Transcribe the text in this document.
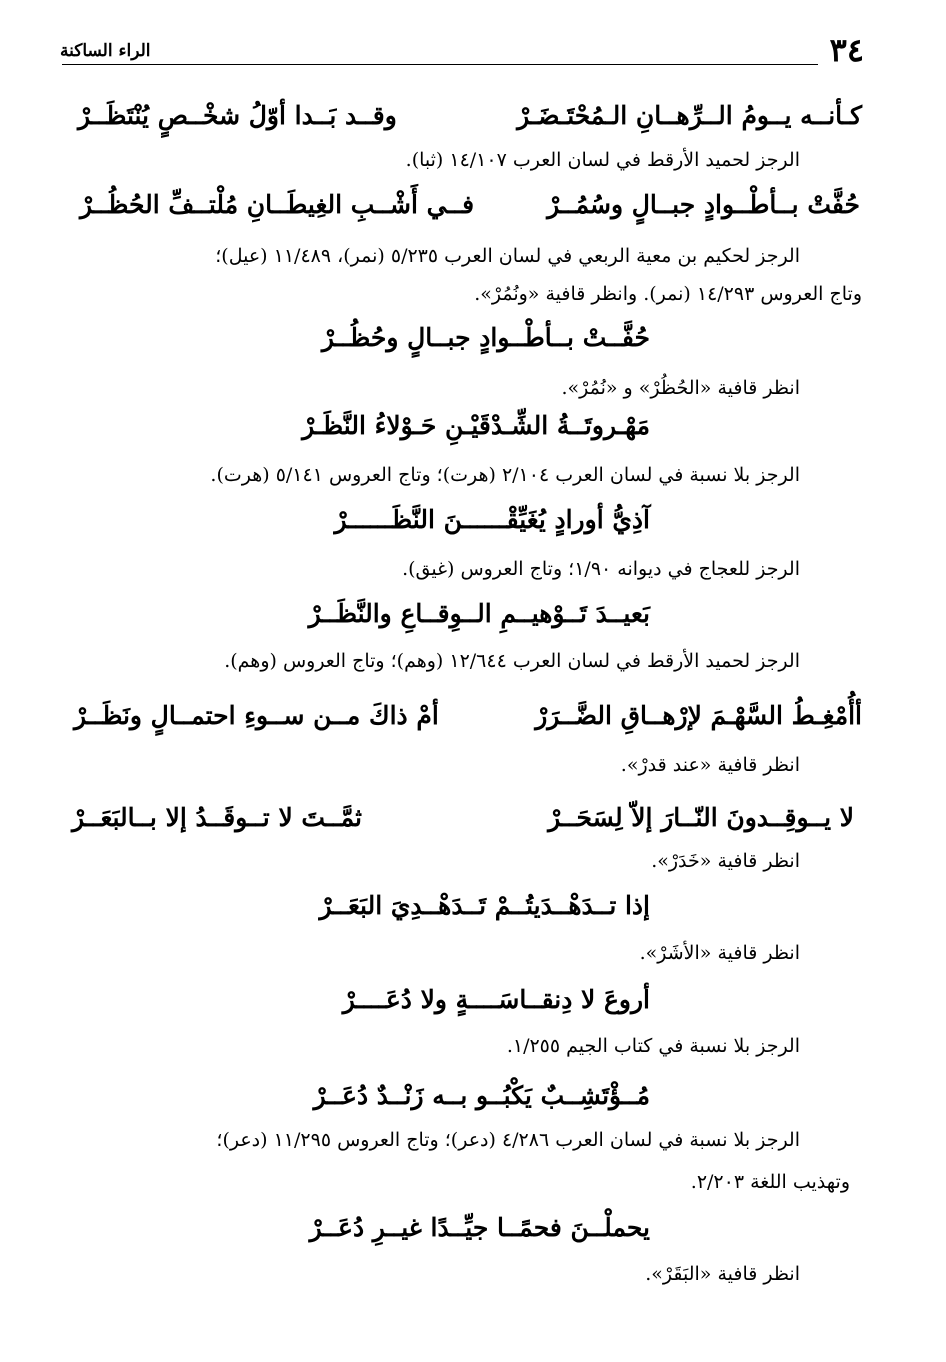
٣٤
الراء الساكنة
كـأنــه يــومُ الــرِّهــانِ الـمُحْتَـضَـرْ
وقــد بَــدا أوّلُ شخْــصٍ يُنْتَظَــرْ
الرجز لحميد الأرقط في لسان العرب ١٤/١٠٧ (ثبا).
حُفَّتْ بــأطْــوادٍ جبــالٍ وسُمُــرْ
فــي أَشْــبِ الغِيطَــانِ مُلْتــفِّ الحُظُــرْ
الرجز لحكيم بن معية الربعي في لسان العرب ٥/٢٣٥ (نمر)، ١١/٤٨٩ (عيل)؛
وتاج العروس ١٤/٢٩٣ (نمر). وانظر قافية «ونُمُرْ».
حُفَّــتْ بــأطْــوادٍ جبــالٍ وحُظُــرْ
انظر قافية «الحُظُرْ» و «نُمُرْ».
مَهْـروتَــةُ الشِّـدْقَيْـنِ حَـوْلاءُ النَّظَـرْ
الرجز بلا نسبة في لسان العرب ٢/١٠٤ (هرت)؛ وتاج العروس ٥/١٤١ (هرت).
آذِيُّ أورادٍ يُغَيِّقْــــــنَ النَّظَــــــرْ
الرجز للعجاج في ديوانه ١/٩٠؛ وتاج العروس (غيق).
بَعيــدَ تَــوْهيــمِ الــوِقــاعِ والنَّظَــرْ
الرجز لحميد الأرقط في لسان العرب ١٢/٦٤٤ (وهم)؛ وتاج العروس (وهم).
أأُمْغِـطُ السَّهْـمَ لإرْهــاقِ الضَّــرَرْ
أمْ ذاكَ مــن ســوءِ احتمــالٍ ونَظَــرْ
انظر قافية «عند قدرْ».
لا يــوقِــدونَ النّــارَ إلاّ لِسَحَــرْ
ثمَّــتَ لا تــوقَــدُ إلا بــالبَعَــرْ
انظر قافية «خَدَرْ».
إذا تــدَهْــدَيتُــمْ تَــدَهْــدِيَ البَعَــرْ
انظر قافية «الأشَرْ».
أروعَ لا دِنقــاسَــــةٍ ولا دُعَــــرْ
الرجز بلا نسبة في كتاب الجيم ١/٢٥٥.
مُــؤْتَشِــبٌ يَكْبُــو بــه زَنْــدٌ دُعَــرْ
الرجز بلا نسبة في لسان العرب ٤/٢٨٦ (دعر)؛ وتاج العروس ١١/٢٩٥ (دعر)؛
وتهذيب اللغة ٢/٢٠٣.
يحملْــنَ فحمًــا جيِّــدًا غيــرِ دُعَــرْ
انظر قافية «البَقَرْ».
